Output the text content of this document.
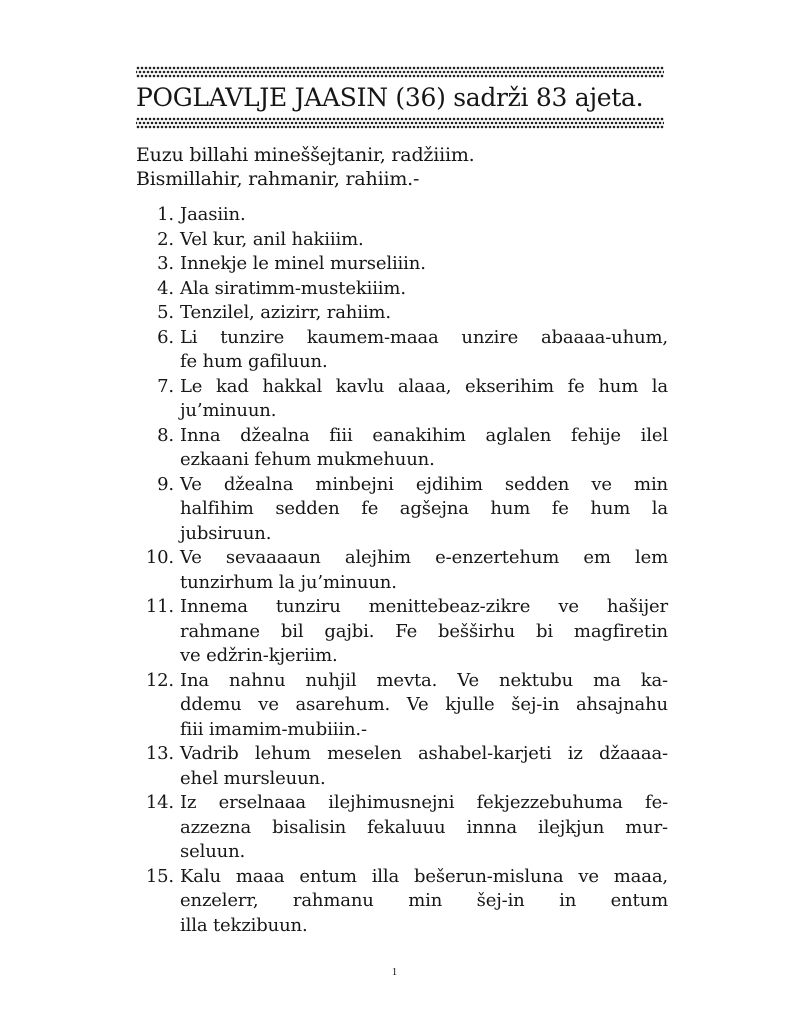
POGLAVLJE JAASIN (36) sadrži 83 ajeta.
Euzu billahi mineššejtanir, radžiiim.
Bismillahir, rahmanir, rahiim.-
1. Jaasiin.
2. Vel kur, anil hakiiim.
3. Innekje le minel murseliiin.
4. Ala siratimm-mustekiiim.
5. Tenzilel, azizirr, rahiim.
6. Li tunzire kaumem-maaa unzire abaaaa-uhum,
fe hum gafiluun.
7. Le kad hakkal kavlu alaaa, ekserihim fe hum la
ju’minuun.
8. Inna džealna fiii eanakihim aglalen fehije ilel
ezkaani fehum mukmehuun.
9. Ve džealna minbejni ejdihim sedden ve min
halfihim sedden fe agšejna hum fe hum la
jubsiruun.
10. Ve sevaaaaun alejhim e-enzertehum em lem
tunzirhum la ju’minuun.
11. Innema tunziru menittebeaz-zikre ve hašijer
rahmane bil gajbi. Fe bešširhu bi magfiretin
ve edžrin-kjeriim.
12. Ina nahnu nuhjil mevta. Ve nektubu ma ka-
ddemu ve asarehum. Ve kjulle šej-in ahsajnahu
fiii imamim-mubiiin.-
13. Vadrib lehum meselen ashabel-karjeti iz džaaaa-
ehel mursleuun.
14. Iz erselnaaa ilejhimusnejni fekjezzebuhuma fe-
azzezna bisalisin fekaluuu innna ilejkjun mur-
seluun.
15. Kalu maaa entum illa bešerun-misluna ve maaa,
enzelerr, rahmanu min šej-in in entum
illa tekzibuun.
1
